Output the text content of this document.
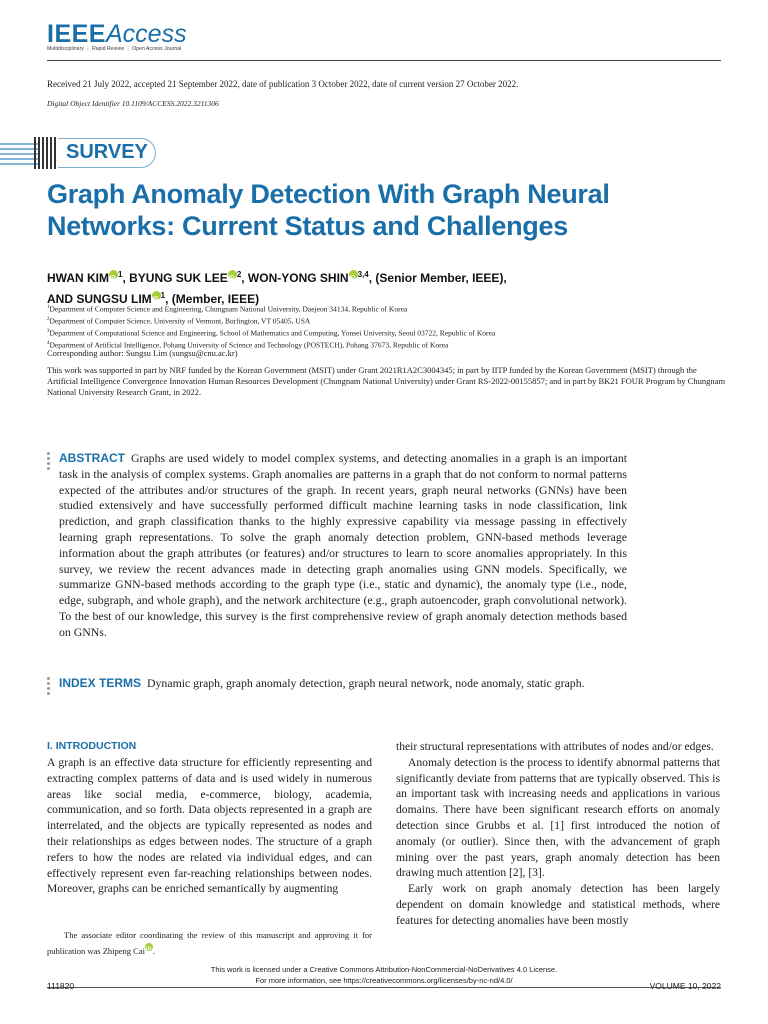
IEEEAccess
Multidisciplinary ⋮ Rapid Review ⋮ Open Access Journal
Received 21 July 2022, accepted 21 September 2022, date of publication 3 October 2022, date of current version 27 October 2022.
Digital Object Identifier 10.1109/ACCESS.2022.3211306
SURVEY
Graph Anomaly Detection With Graph Neural Networks: Current Status and Challenges
HWAN KIM iD $^1$, BYUNG SUK LEE iD $^2$, WON-YONG SHIN iD $^{3,4}$, (Senior Member, IEEE),
AND SUNGSU LIM iD $^1$, (Member, IEEE)
$^1$Department of Computer Science and Engineering, Chungnam National University, Daejeon 34134, Republic of Korea
$^2$Department of Computer Science, University of Vermont, Burlington, VT 05405, USA
$^3$Department of Computational Science and Engineering, School of Mathematics and Computing, Yonsei University, Seoul 03722, Republic of Korea
$^4$Department of Artificial Intelligence, Pohang University of Science and Technology (POSTECH), Pohang 37673, Republic of Korea
Corresponding author: Sungsu Lim (sungsu@cnu.ac.kr)
This work was supported in part by NRF funded by the Korean Government (MSIT) under Grant 2021R1A2C3004345; in part by IITP funded by the Korean Government (MSIT) through the Artificial Intelligence Convergence Innovation Human Resources Development (Chungnam National University) under Grant RS-2022-00155857; and in part by BK21 FOUR Program by Chungnam National University Research Grant, in 2022.
ABSTRACT Graphs are used widely to model complex systems, and detecting anomalies in a graph is an important task in the analysis of complex systems. Graph anomalies are patterns in a graph that do not conform to normal patterns expected of the attributes and/or structures of the graph. In recent years, graph neural networks (GNNs) have been studied extensively and have successfully performed difficult machine learning tasks in node classification, link prediction, and graph classification thanks to the highly expressive capability via message passing in effectively learning graph representations. To solve the graph anomaly detection problem, GNN-based methods leverage information about the graph attributes (or features) and/or structures to learn to score anomalies appropriately. In this survey, we review the recent advances made in detecting graph anomalies using GNN models. Specifically, we summarize GNN-based methods according to the graph type (i.e., static and dynamic), the anomaly type (i.e., node, edge, subgraph, and whole graph), and the network architecture (e.g., graph autoencoder, graph convolutional network). To the best of our knowledge, this survey is the first comprehensive review of graph anomaly detection methods based on GNNs.
INDEX TERMS Dynamic graph, graph anomaly detection, graph neural network, node anomaly, static graph.
I. INTRODUCTION
A graph is an effective data structure for efficiently representing and extracting complex patterns of data and is used widely in numerous areas like social media, e-commerce, biology, academia, communication, and so forth. Data objects represented in a graph are interrelated, and the objects are typically represented as nodes and their relationships as edges between nodes. The structure of a graph refers to how the nodes are related via individual edges, and can effectively represent even far-reaching relationships between nodes. Moreover, graphs can be enriched semantically by augmenting

their structural representations with attributes of nodes and/or edges.

Anomaly detection is the process to identify abnormal patterns that significantly deviate from patterns that are typically observed. This is an important task with increasing needs and applications in various domains. There have been significant research efforts on anomaly detection since Grubbs et al. [1] first introduced the notion of anomaly (or outlier). Since then, with the advancement of graph mining over the past years, graph anomaly detection has been drawing much attention [2], [3].

Early work on graph anomaly detection has been largely dependent on domain knowledge and statistical methods, where features for detecting anomalies have been mostly

  The associate editor coordinating the review of this manuscript and approving it for publication was Zhipeng Cai iD .
This work is licensed under a Creative Commons Attribution-NonCommercial-NoDerivatives 4.0 License.
For more information, see https://creativecommons.org/licenses/by-nc-nd/4.0/
111820	VOLUME 10, 2022
